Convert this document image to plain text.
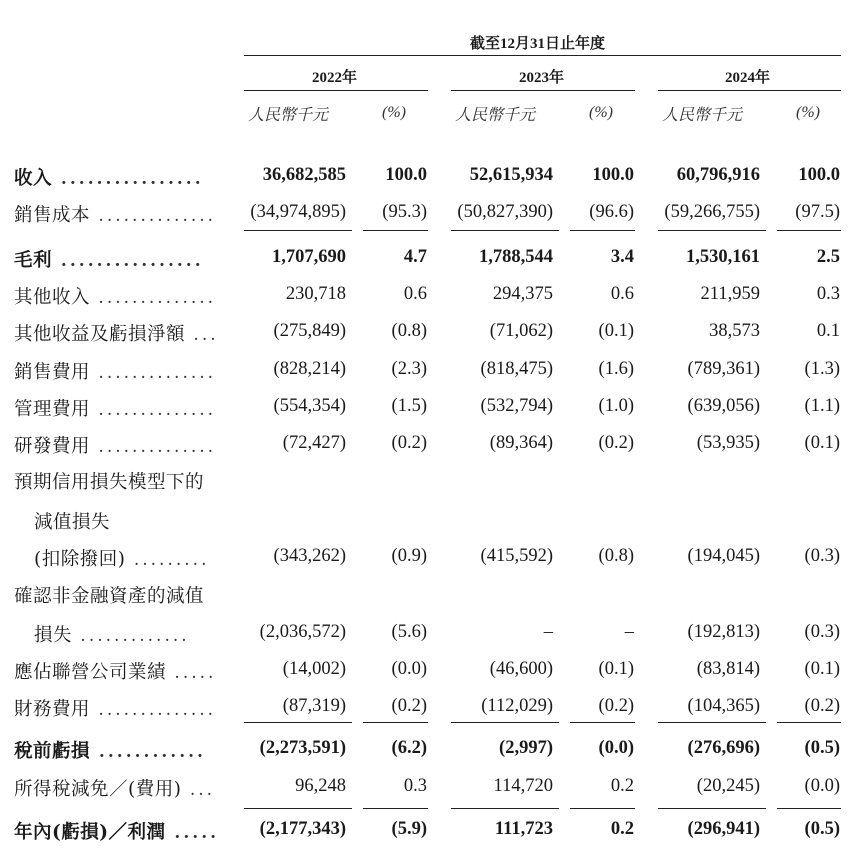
截至12月31日止年度
2022年	2023年	2024年
人民幣千元	(%)	人民幣千元	(%)	人民幣千元	(%)
收入 ................	36,682,585 100.0 52,615,934 100.0 60,796,916 100.0
銷售成本 .............. (34,974,895) (95.3) (50,827,390) (96.6) (59,266,755) (97.5)
毛利 ................	1,707,690	4.7	1,788,544	3.4	1,530,161	2.5
其他收入 ..............	230,718	0.6	294,375	0.6	211,959	0.3
其他收益及虧損淨額 ...	(275,849) (0.8)	(71,062) (0.1)	38,573	0.1
銷售費用 ..............	(828,214) (2.3)	(818,475) (1.6)	(789,361) (1.3)
管理費用 ..............	(554,354) (1.5)	(532,794) (1.0)	(639,056) (1.1)
研發費用 ..............	(72,427) (0.2)	(89,364) (0.2)	(53,935) (0.1)
預期信用損失模型下的
減值損失
(扣除撥回) .........	(343,262) (0.9)	(415,592) (0.8)	(194,045) (0.3)
確認非金融資產的減值
損失 .............	(2,036,572) (5.6)	–	–	(192,813) (0.3)
應佔聯營公司業績 .....	(14,002) (0.0)	(46,600) (0.1)	(83,814) (0.1)
財務費用 ..............	(87,319) (0.2)	(112,029) (0.2)	(104,365) (0.2)
稅前虧損 ............	(2,273,591) (6.2)	(2,997) (0.0)	(276,696) (0.5)
所得稅減免／(費用) ...	96,248	0.3	114,720	0.2	(20,245) (0.0)
年內(虧損)／利潤 ..... (2,177,343) (5.9)	111,723	0.2	(296,941) (0.5)
